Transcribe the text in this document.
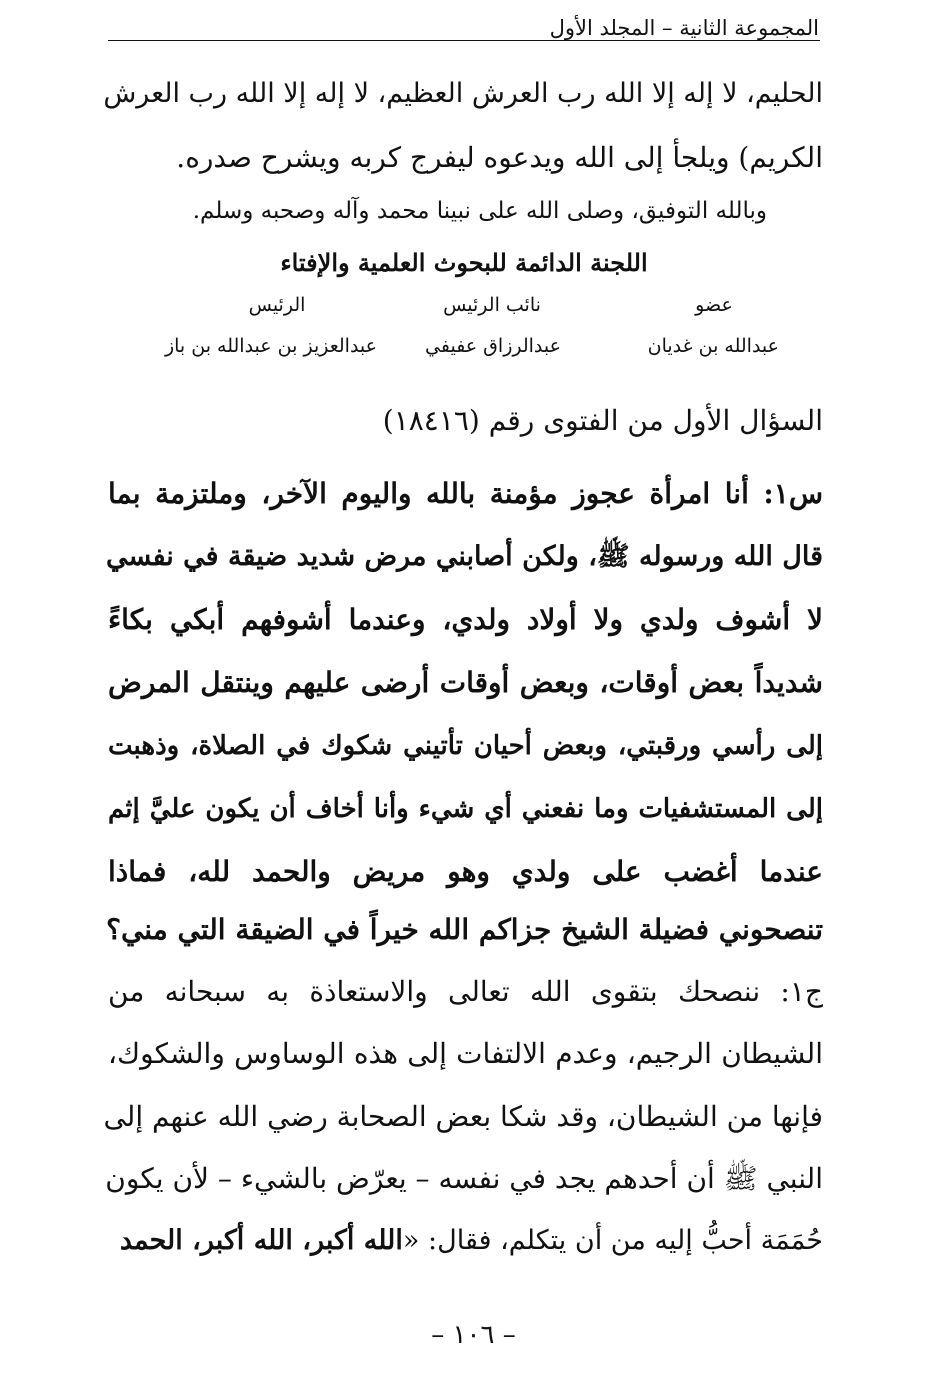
المجموعة الثانية – المجلد الأول
الحليم، لا إله إلا الله رب العرش العظيم، لا إله إلا الله رب العرش
الكريم) ويلجأ إلى الله ويدعوه ليفرج كربه ويشرح صدره.
وبالله التوفيق، وصلى الله على نبينا محمد وآله وصحبه وسلم.
اللجنة الدائمة للبحوث العلمية والإفتاء
عضو
نائب الرئيس
الرئيس
عبدالله بن غديان
عبدالرزاق عفيفي
عبدالعزيز بن عبدالله بن باز
السؤال الأول من الفتوى رقم (١٨٤١٦)
س١: أنا امرأة عجوز مؤمنة بالله واليوم الآخر، وملتزمة بما
قال الله ورسوله ﷺ، ولكن أصابني مرض شديد ضيقة في نفسي
لا أشوف ولدي ولا أولاد ولدي، وعندما أشوفهم أبكي بكاءً
شديداً بعض أوقات، وبعض أوقات أرضى عليهم وينتقل المرض
إلى رأسي ورقبتي، وبعض أحيان تأتيني شكوك في الصلاة، وذهبت
إلى المستشفيات وما نفعني أي شيء وأنا أخاف أن يكون عليَّ إثم
عندما أغضب على ولدي وهو مريض والحمد لله، فماذا
تنصحوني فضيلة الشيخ جزاكم الله خيراً في الضيقة التي مني؟
ج١: ننصحك بتقوى الله تعالى والاستعاذة به سبحانه من
الشيطان الرجيم، وعدم الالتفات إلى هذه الوساوس والشكوك،
فإنها من الشيطان، وقد شكا بعض الصحابة رضي الله عنهم إلى
النبي ﷺ أن أحدهم يجد في نفسه – يعرّض بالشيء – لأن يكون
حُمَمَة أحبُّ إليه من أن يتكلم، فقال: «الله أكبر، الله أكبر، الحمد
– ١٠٦ –
